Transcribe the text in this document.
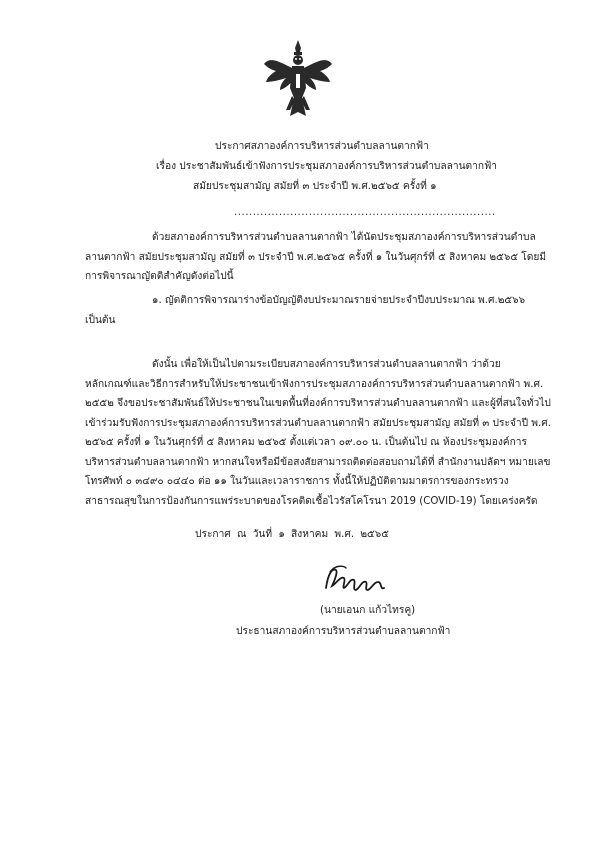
ประกาศสภาองค์การบริหารส่วนตำบลลานตากฟ้า
เรื่อง ประชาสัมพันธ์เข้าฟังการประชุมสภาองค์การบริหารส่วนตำบลลานตากฟ้า
สมัยประชุมสามัญ สมัยที่ ๓ ประจำปี พ.ศ.๒๕๖๕ ครั้งที่ ๑
......................................................................
ด้วยสภาองค์การบริหารส่วนตำบลลานตากฟ้า ได้นัดประชุมสภาองค์การบริหารส่วนตำบล
ลานตากฟ้า สมัยประชุมสามัญ สมัยที่ ๓ ประจำปี พ.ศ.๒๕๖๕ ครั้งที่ ๑ ในวันศุกร์ที่ ๕ สิงหาคม ๒๕๖๕ โดยมี
การพิจารณาญัตติสำคัญดังต่อไปนี้
๑. ญัตติการพิจารณาร่างข้อบัญญัติงบประมาณรายจ่ายประจำปีงบประมาณ พ.ศ.๒๕๖๖
เป็นต้น
ดังนั้น เพื่อให้เป็นไปตามระเบียบสภาองค์การบริหารส่วนตำบลลานตากฟ้า ว่าด้วย
หลักเกณฑ์และวิธีการสำหรับให้ประชาชนเข้าฟังการประชุมสภาองค์การบริหารส่วนตำบลลานตากฟ้า พ.ศ.
๒๕๕๒ จึงขอประชาสัมพันธ์ให้ประชาชนในเขตพื้นที่องค์การบริหารส่วนตำบลลานตากฟ้า และผู้ที่สนใจทั่วไป
เข้าร่วมรับฟังการประชุมสภาองค์การบริหารส่วนตำบลลานตากฟ้า สมัยประชุมสามัญ สมัยที่ ๓ ประจำปี พ.ศ.
๒๕๖๕ ครั้งที่ ๑ ในวันศุกร์ที่ ๕ สิงหาคม ๒๕๖๕ ตั้งแต่เวลา ๐๙.๐๐ น. เป็นต้นไป ณ ห้องประชุมองค์การ
บริหารส่วนตำบลลานตากฟ้า หากสนใจหรือมีข้อสงสัยสามารถติดต่อสอบถามได้ที่ สำนักงานปลัดฯ หมายเลข
โทรศัพท์ ๐ ๓๔๙๐ ๐๔๔๐ ต่อ ๑๑ ในวันและเวลาราชการ ทั้งนี้ให้ปฏิบัติตามมาตรการของกระทรวง
สาธารณสุขในการป้องกันการแพร่ระบาดของโรคติดเชื้อไวรัสโคโรนา 2019 (COVID-19) โดยเคร่งครัด
ประกาศ ณ วันที่ ๑ สิงหาคม พ.ศ. ๒๕๖๕
(นายเอนก แก้วไทรคู)
ประธานสภาองค์การบริหารส่วนตำบลลานตากฟ้า
